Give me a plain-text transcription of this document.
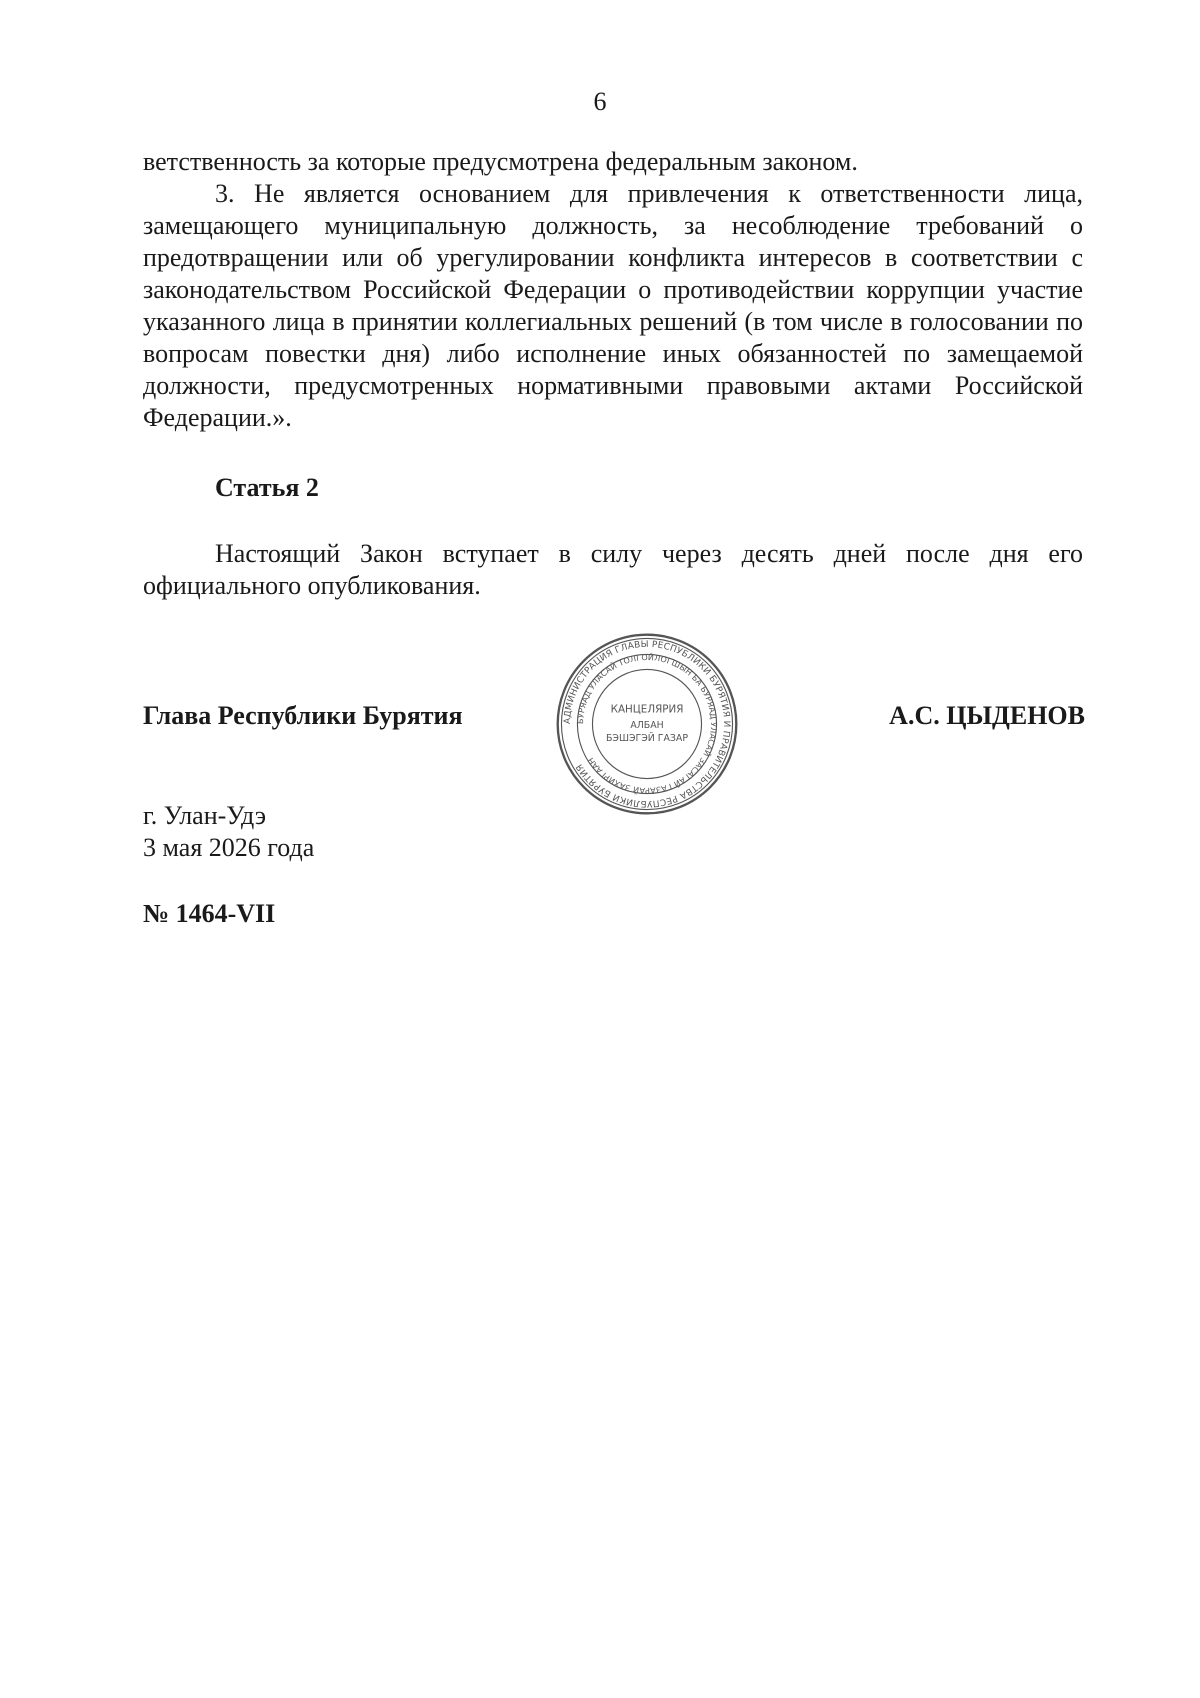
6

ветственность за которые предусмотрена федеральным законом.

3. Не является основанием для привлечения к ответственности лица, замещающего муниципальную должность, за несоблюдение требований о предотвращении или об урегулировании конфликта интересов в соответствии с законодательством Российской Федерации о противодействии коррупции участие указанного лица в принятии коллегиальных решений (в том числе в голосовании по вопросам повестки дня) либо исполнение иных обязанностей по замещаемой должности, предусмотренных нормативными правовыми актами Российской Федерации.».

Статья 2

Настоящий Закон вступает в силу через десять дней после дня его официального опубликования.

Глава Республики Бурятия	АДМИНИСТРАЦИЯ ГЛАВЫ РЕСПУБЛИКИ БУРЯТИЯ И ПРАВИТЕЛЬСТВА РЕСПУБЛИКИ БУРЯТИЯ
БУРЯАД УЛАСАЙ ТОЛГОЙЛОГШЫН БА БУРЯАД УЛАСАЙ ЗАСАГАЙ ГАЗАРАЙ ЗАХИРГААН
КАНЦЕЛЯРИЯ
АЛБАН
БЭШЭГЭЙ ГАЗАР
А.С. ЦЫДЕНОВ
г. Улан-Удэ
3 мая 2026 года
№ 1464-VII
